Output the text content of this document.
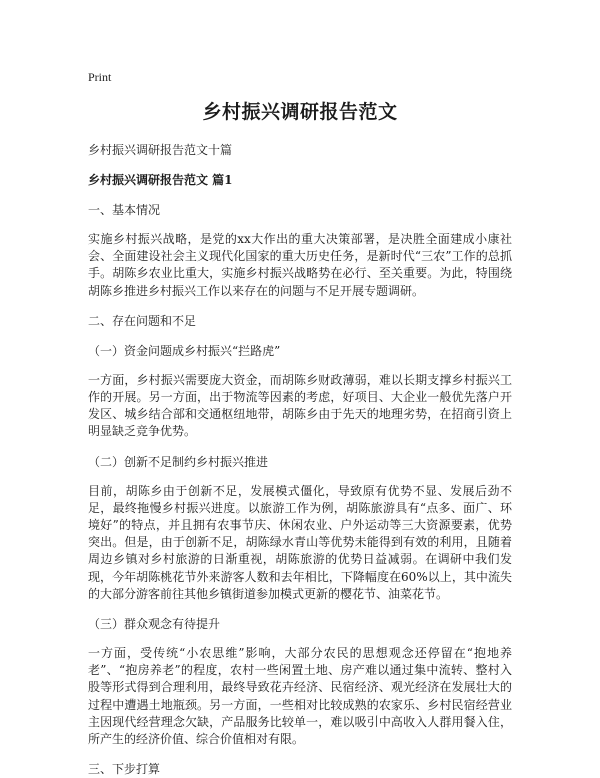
Print
乡村振兴调研报告范文
乡村振兴调研报告范文十篇
乡村振兴调研报告范文 篇1
一、基本情况

实施乡村振兴战略，是党的xx大作出的重大决策部署，是决胜全面建成小康社会、全面建设社会主义现代化国家的重大历史任务，是新时代“三农”工作的总抓手。胡陈乡农业比重大，实施乡村振兴战略势在必行、至关重要。为此，特围绕胡陈乡推进乡村振兴工作以来存在的问题与不足开展专题调研。

二、存在问题和不足
（一）资金问题成乡村振兴“拦路虎”

一方面，乡村振兴需要庞大资金，而胡陈乡财政薄弱，难以长期支撑乡村振兴工作的开展。另一方面，出于物流等因素的考虑，好项目、大企业一般优先落户开发区、城乡结合部和交通枢纽地带，胡陈乡由于先天的地理劣势，在招商引资上明显缺乏竞争优势。

（二）创新不足制约乡村振兴推进

目前，胡陈乡由于创新不足，发展模式僵化，导致原有优势不显、发展后劲不足，最终拖慢乡村振兴进度。以旅游工作为例，胡陈旅游具有“点多、面广、环境好”的特点，并且拥有农事节庆、休闲农业、户外运动等三大资源要素，优势突出。但是，由于创新不足，胡陈绿水青山等优势未能得到有效的利用，且随着周边乡镇对乡村旅游的日渐重视，胡陈旅游的优势日益减弱。在调研中我们发现，今年胡陈桃花节外来游客人数和去年相比，下降幅度在60%以上，其中流失的大部分游客前往其他乡镇街道参加模式更新的樱花节、油菜花节。

（三）群众观念有待提升

一方面，受传统“小农思维”影响，大部分农民的思想观念还停留在“抱地养老”、“抱房养老”的程度，农村一些闲置土地、房产难以通过集中流转、整村入股等形式得到合理利用，最终导致花卉经济、民宿经济、观光经济在发展壮大的过程中遭遇土地瓶颈。另一方面，一些相对比较成熟的农家乐、乡村民宿经营业主因现代经营理念欠缺，产品服务比较单一，难以吸引中高收入人群用餐入住，所产生的经济价值、综合价值相对有限。

三、下步打算
